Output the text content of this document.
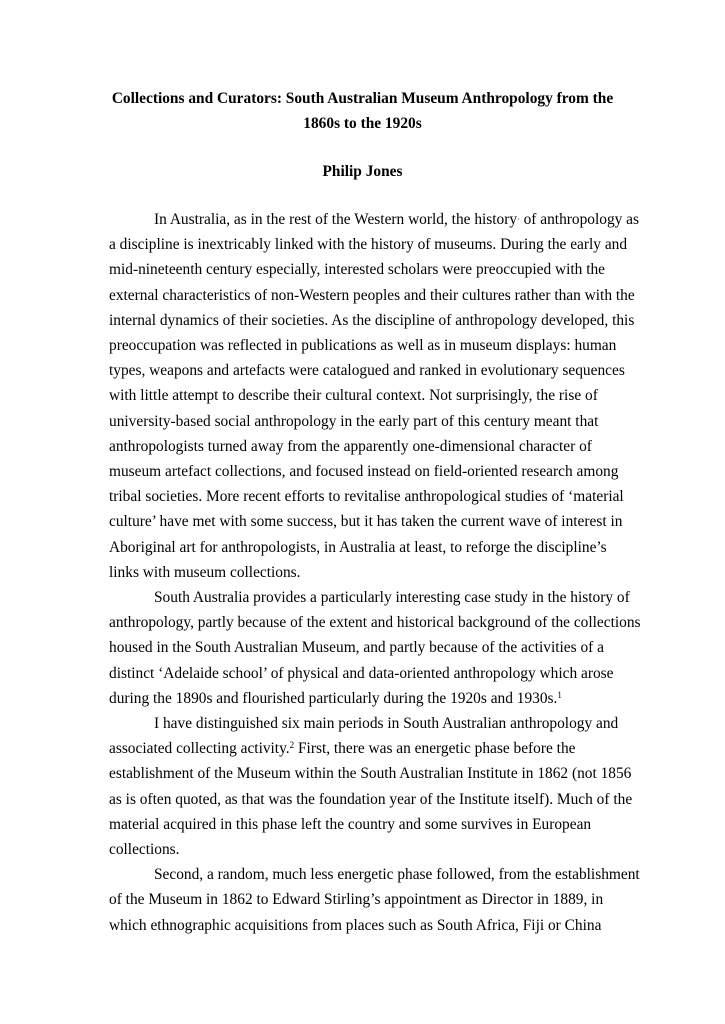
Collections and Curators: South Australian Museum Anthropology from the
1860s to the 1920s
Philip Jones

In Australia, as in the rest of the Western world, the history· of anthropology as
a discipline is inextricably linked with the history of museums. During the early and
mid-nineteenth century especially, interested scholars were preoccupied with the
external characteristics of non-Western peoples and their cultures rather than with the
internal dynamics of their societies. As the discipline of anthropology developed, this
preoccupation was reflected in publications as well as in museum displays: human
types, weapons and artefacts were catalogued and ranked in evolutionary sequences
with little attempt to describe their cultural context. Not surprisingly, the rise of
university-based social anthropology in the early part of this century meant that
anthropologists turned away from the apparently one-dimensional character of
museum artefact collections, and focused instead on field-oriented research among
tribal societies. More recent efforts to revitalise anthropological studies of ‘material
culture’ have met with some success, but it has taken the current wave of interest in
Aboriginal art for anthropologists, in Australia at least, to reforge the discipline’s
links with museum collections.

South Australia provides a particularly interesting case study in the history of
anthropology, partly because of the extent and historical background of the collections
housed in the South Australian Museum, and partly because of the activities of a
distinct ‘Adelaide school’ of physical and data-oriented anthropology which arose
during the 1890s and flourished particularly during the 1920s and 1930s.$^1$

I have distinguished six main periods in South Australian anthropology and
associated collecting activity.$^2$ First, there was an energetic phase before the
establishment of the Museum within the South Australian Institute in 1862 (not 1856
as is often quoted, as that was the foundation year of the Institute itself). Much of the
material acquired in this phase left the country and some survives in European
collections.

Second, a random, much less energetic phase followed, from the establishment
of the Museum in 1862 to Edward Stirling’s appointment as Director in 1889, in
which ethnographic acquisitions from places such as South Africa, Fiji or China
